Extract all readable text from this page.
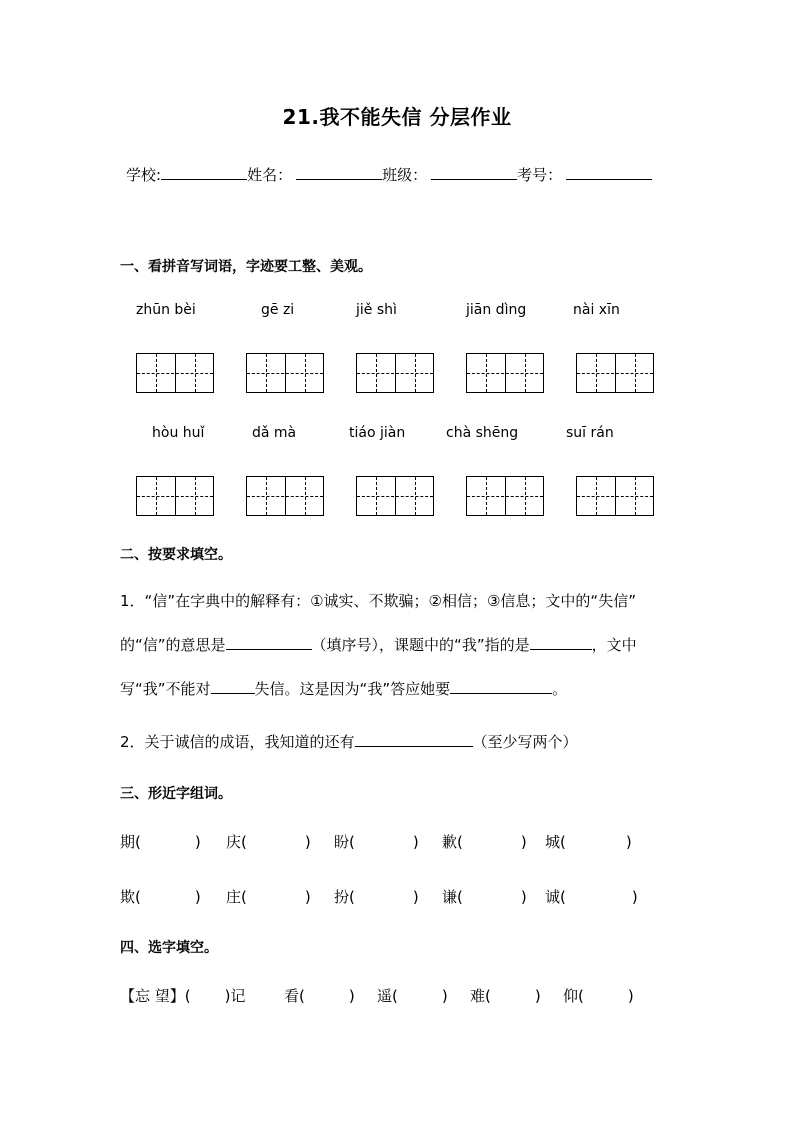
21.我不能失信 分层作业
学校:	姓名：	班级：	考号：
一、看拼音写词语，字迹要工整、美观。
zhūn bèi	gē zi	jiě shì	jiān dìng	nài xīn
hòu huǐ	dǎ mà	tiáo jiàn	chà shēng	suī rán
二、按要求填空。
1．“信”在字典中的解释有：①诚实、不欺骗；②相信；③信息；文中的“失信”
的“信”的意思是	（填序号），课题中的“我”指的是	，文中
写“我”不能对	失信。这是因为“我”答应她要	。
2．关于诚信的成语，我知道的还有	（至少写两个）
三、形近字组词。
期(	) 庆(	) 盼(	) 歉(	) 城(	)
欺(	) 庄(	) 扮(	) 谦(	) 诚(	)
四、选字填空。
【忘 望】( )记	看(	) 遥(	) 难(	) 仰(	)
